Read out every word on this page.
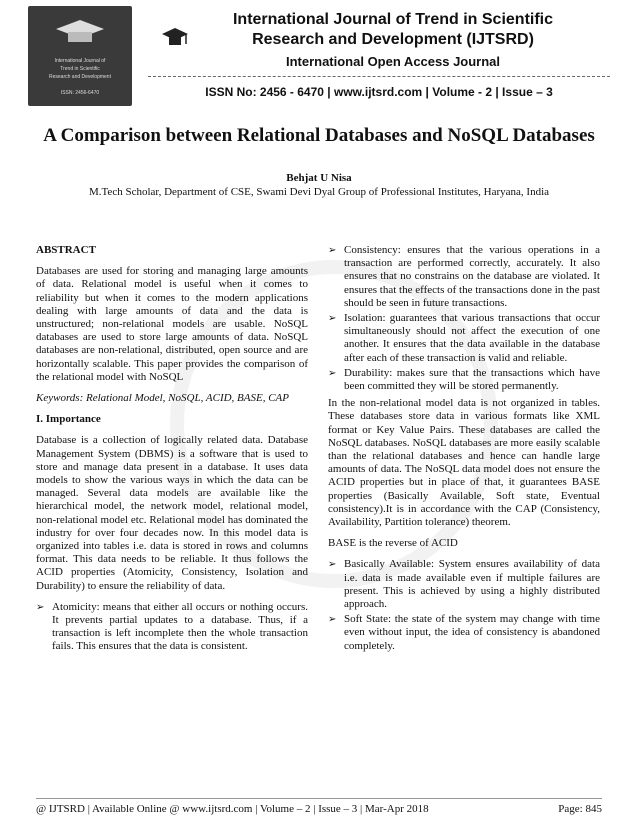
International Journal of
Trend in Scientific
Research and Development
ISSN: 2456-6470
International Journal of Trend in Scientific
Research and Development (IJTSRD)
International Open Access Journal
ISSN No: 2456 - 6470 | www.ijtsrd.com | Volume - 2 | Issue – 3
A Comparison between Relational Databases and NoSQL Databases
Behjat U Nisa
M.Tech Scholar, Department of CSE, Swami Devi Dyal Group of Professional Institutes, Haryana, India
ABSTRACT

Databases are used for storing and managing large amounts of data. Relational model is useful when it comes to reliability but when it comes to the modern applications dealing with large amounts of data and the data is unstructured; non-relational models are usable. NoSQL databases are used to store large amounts of data. NoSQL databases are non-relational, distributed, open source and are horizontally scalable. This paper provides the comparison of the relational model with NoSQL

Keywords: Relational Model, NoSQL, ACID, BASE, CAP

I. Importance

Database is a collection of logically related data. Database Management System (DBMS) is a software that is used to store and manage data present in a database. It uses data models to show the various ways in which the data can be managed. Several data models are available like the hierarchical model, the network model, relational model, non-relational model etc. Relational model has dominated the industry for over four decades now. In this model data is organized into tables i.e. data is stored in rows and columns format. This data needs to be reliable. It thus follows the ACID properties (Atomicity, Consistency, Isolation and Durability) to ensure the reliability of data.

➢ Atomicity: means that either all occurs or nothing occurs. It prevents partial updates to a database. Thus, if a transaction is left incomplete then the whole transaction fails. This ensures that the data is consistent.
➢ Consistency: ensures that the various operations in a transaction are performed correctly, accurately. It also ensures that no constrains on the database are violated. It ensures that the effects of the transactions done in the past should be seen in future transactions.
➢ Isolation: guarantees that various transactions that occur simultaneously should not affect the execution of one another. It ensures that the data available in the database after each of these transaction is valid and reliable.
➢ Durability: makes sure that the transactions which have been committed they will be stored permanently.

In the non-relational model data is not organized in tables. These databases store data in various formats like XML format or Key Value Pairs. These databases are called the NoSQL databases. NoSQL databases are more easily scalable than the relational databases and hence can handle large amounts of data. The NoSQL data model does not ensure the ACID properties but in place of that, it guarantees BASE properties (Basically Available, Soft state, Eventual consistency).It is in accordance with the CAP (Consistency, Availability, Partition tolerance) theorem.

BASE is the reverse of ACID

➢ Basically Available: System ensures availability of data i.e. data is made available even if multiple failures are present. This is achieved by using a highly distributed approach.
➢ Soft State: the state of the system may change with time even without input, the idea of consistency is abandoned completely.
@ IJTSRD | Available Online @ www.ijtsrd.com | Volume – 2 | Issue – 3 | Mar-Apr 2018	Page: 845
